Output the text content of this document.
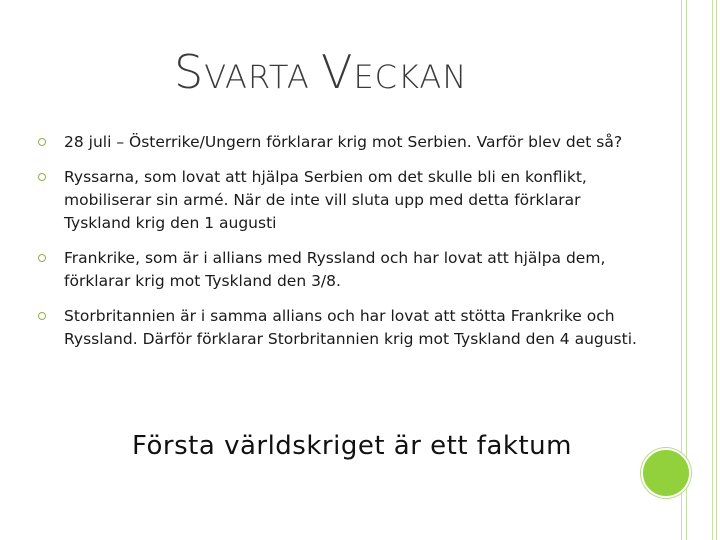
SVARTA VECKAN
28 juli – Österrike/Ungern förklarar krig mot Serbien. Varför blev det så?
Ryssarna, som lovat att hjälpa Serbien om det skulle bli en konflikt, mobiliserar sin armé. När de inte vill sluta upp med detta förklarar Tyskland krig den 1 augusti
Frankrike, som är i allians med Ryssland och har lovat att hjälpa dem, förklarar krig mot Tyskland den 3/8.
Storbritannien är i samma allians och har lovat att stötta Frankrike och Ryssland. Därför förklarar Storbritannien krig mot Tyskland den 4 augusti.
Första världskriget är ett faktum
